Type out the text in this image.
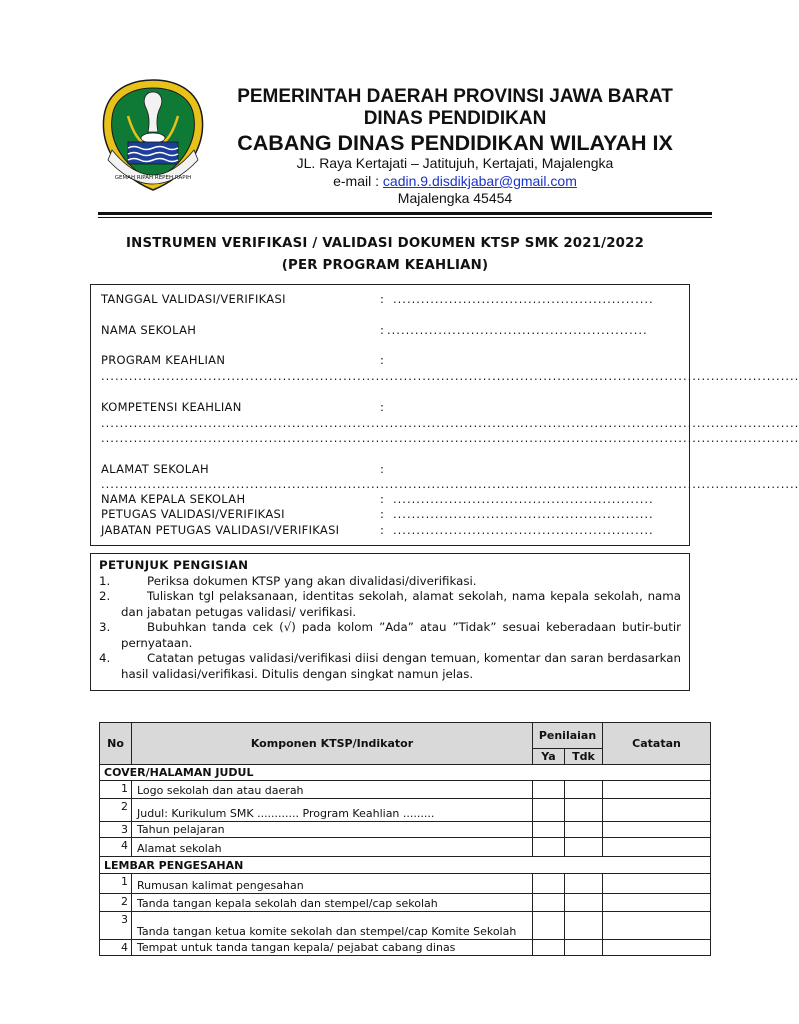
GEMAH RIPAH REPEH RAPIH
PEMERINTAH DAERAH PROVINSI JAWA BARAT
DINAS PENDIDIKAN
CABANG DINAS PENDIDIKAN WILAYAH IX
JL. Raya Kertajati – Jatitujuh, Kertajati, Majalengka
e-mail : cadin.9.disdikjabar@gmail.com
Majalengka 45454
INSTRUMEN VERIFIKASI / VALIDASI DOKUMEN KTSP SMK 2021/2022
(PER PROGRAM KEAHLIAN)
TANGGAL VALIDASI/VERIFIKASI	: ........................................................
NAMA SEKOLAH	: ........................................................
PROGRAM KEAHLIAN	:
......................................................................................................................................................
KOMPETENSI KEAHLIAN	:
......................................................................................................................................................
......................................................................................................................................................
ALAMAT SEKOLAH	:
......................................................................................................................................................
NAMA KEPALA SEKOLAH	: ........................................................
PETUGAS VALIDASI/VERIFIKASI	: ........................................................
JABATAN PETUGAS VALIDASI/VERIFIKASI	: ........................................................
PETUNJUK PENGISIAN
1.	Periksa dokumen KTSP yang akan divalidasi/diverifikasi.
2.	Tuliskan tgl pelaksanaan, identitas sekolah, alamat sekolah, nama kepala sekolah, nama dan jabatan petugas validasi/ verifikasi.
3.	Bubuhkan tanda cek (√) pada kolom ”Ada” atau ”Tidak” sesuai keberadaan butir-butir pernyataan.
4.	Catatan petugas validasi/verifikasi diisi dengan temuan, komentar dan saran berdasarkan hasil validasi/verifikasi. Ditulis dengan singkat namun jelas.
No	Komponen KTSP/Indikator	Penilaian		Catatan
		Ya	Tdk	
COVER/HALAMAN JUDUL				
1	Logo sekolah dan atau daerah			
2	Judul: Kurikulum SMK ............ Program Keahlian .........			
3	Tahun pelajaran			
4	Alamat sekolah			
LEMBAR PENGESAHAN				
1	Rumusan kalimat pengesahan			
2	Tanda tangan kepala sekolah dan stempel/cap sekolah			
3	Tanda tangan ketua komite sekolah dan stempel/cap Komite Sekolah			
4	Tempat untuk tanda tangan kepala/ pejabat cabang dinas			
